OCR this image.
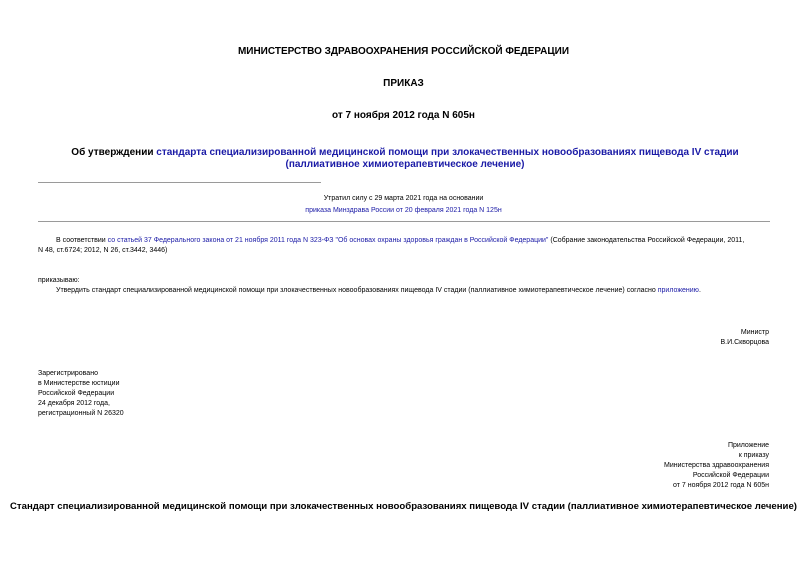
МИНИСТЕРСТВО ЗДРАВООХРАНЕНИЯ РОССИЙСКОЙ ФЕДЕРАЦИИ
ПРИКАЗ
от 7 ноября 2012 года N 605н
Об утверждении стандарта специализированной медицинской помощи при злокачественных новообразованиях пищевода IV стадии (паллиативное химиотерапевтическое лечение)
Утратил силу с 29 марта 2021 года на основании
приказа Минздрава России от 20 февраля 2021 года N 125н
В соответствии со статьей 37 Федерального закона от 21 ноября 2011 года N 323-ФЗ "Об основах охраны здоровья граждан в Российской Федерации" (Собрание законодательства Российской Федерации, 2011,
N 48, ст.6724; 2012, N 26, ст.3442, 3446)
приказываю:
Утвердить стандарт специализированной медицинской помощи при злокачественных новообразованиях пищевода IV стадии (паллиативное химиотерапевтическое лечение) согласно приложению.
Министр
В.И.Скворцова
Зарегистрировано
в Министерстве юстиции
Российской Федерации
24 декабря 2012 года,
регистрационный N 26320
Приложение
к приказу
Министерства здравоохранения
Российской Федерации
от 7 ноября 2012 года N 605н
Стандарт специализированной медицинской помощи при злокачественных новообразованиях пищевода IV стадии (паллиативное химиотерапевтическое лечение)
